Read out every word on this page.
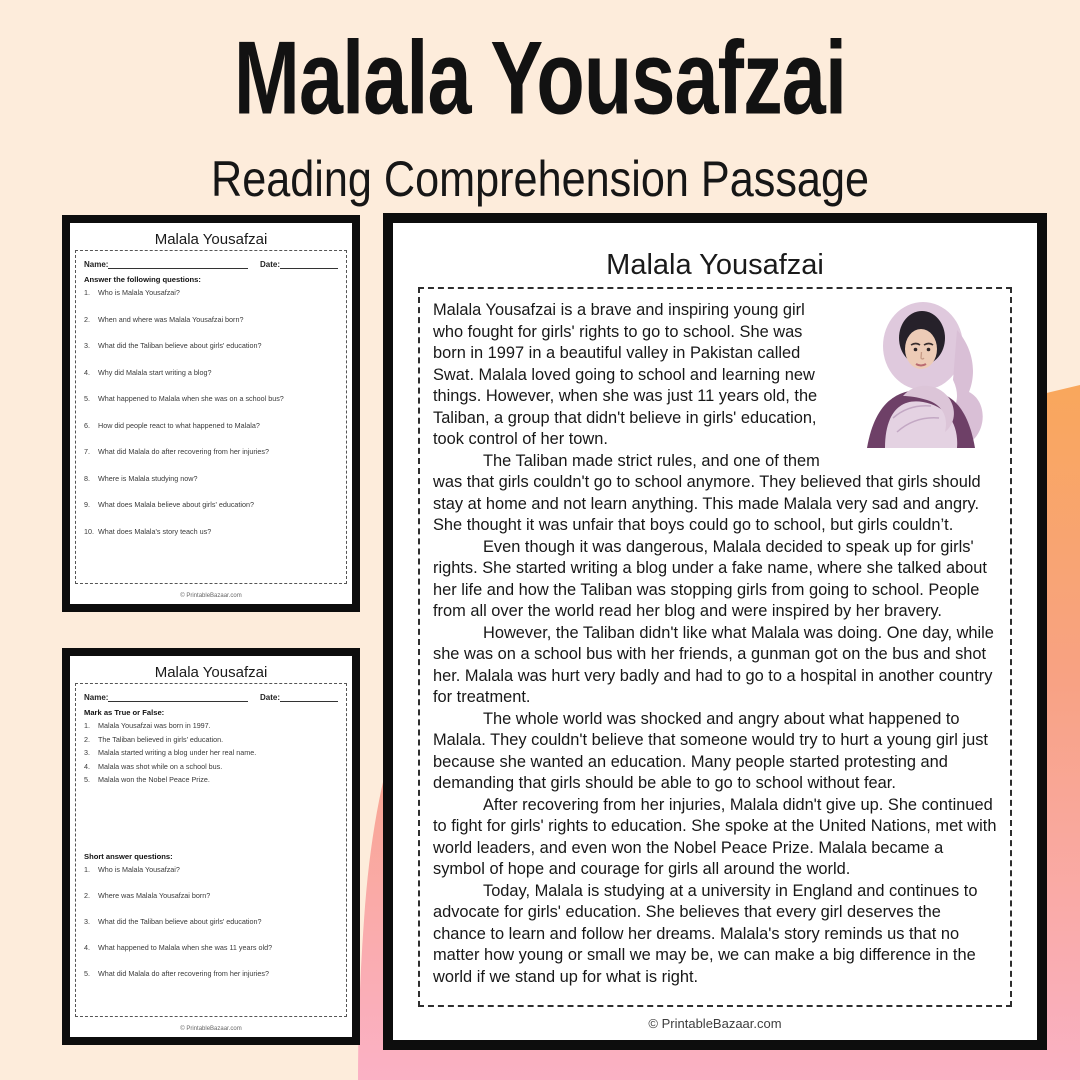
Malala Yousafzai
Reading Comprehension Passage
Malala Yousafzai
Name:	Date:
Answer the following questions:
1.	Who is Malala Yousafzai?
2.	When and where was Malala Yousafzai born?
3.	What did the Taliban believe about girls' education?
4.	Why did Malala start writing a blog?
5.	What happened to Malala when she was on a school bus?
6.	How did people react to what happened to Malala?
7.	What did Malala do after recovering from her injuries?
8.	Where is Malala studying now?
9.	What does Malala believe about girls' education?
10. What does Malala's story teach us?
© PrintableBazaar.com
Malala Yousafzai
Name:	Date:
Mark as True or False:
1.	Malala Yousafzai was born in 1997.
2.	The Taliban believed in girls' education.
3.	Malala started writing a blog under her real name.
4.	Malala was shot while on a school bus.
5.	Malala won the Nobel Peace Prize.
Short answer questions:
1.	Who is Malala Yousafzai?
2.	Where was Malala Yousafzai born?
3.	What did the Taliban believe about girls' education?
4.	What happened to Malala when she was 11 years old?
5.	What did Malala do after recovering from her injuries?
© PrintableBazaar.com
Malala Yousafzai

Malala Yousafzai is a brave and inspiring young girl who fought for girls' rights to go to school. She was born in 1997 in a beautiful valley in Pakistan called Swat. Malala loved going to school and learning new things. However, when she was just 11 years old, the Taliban, a group that didn't believe in girls' education, took control of her town.

The Taliban made strict rules, and one of them was that girls couldn't go to school anymore. They believed that girls should stay at home and not learn anything. This made Malala very sad and angry. She thought it was unfair that boys could go to school, but girls couldn’t.

Even though it was dangerous, Malala decided to speak up for girls' rights. She started writing a blog under a fake name, where she talked about her life and how the Taliban was stopping girls from going to school. People from all over the world read her blog and were inspired by her bravery.

However, the Taliban didn't like what Malala was doing. One day, while she was on a school bus with her friends, a gunman got on the bus and shot her. Malala was hurt very badly and had to go to a hospital in another country for treatment.

The whole world was shocked and angry about what happened to Malala. They couldn't believe that someone would try to hurt a young girl just because she wanted an education. Many people started protesting and demanding that girls should be able to go to school without fear.

After recovering from her injuries, Malala didn't give up. She continued to fight for girls' rights to education. She spoke at the United Nations, met with world leaders, and even won the Nobel Peace Prize. Malala became a symbol of hope and courage for girls all around the world.

Today, Malala is studying at a university in England and continues to advocate for girls' education. She believes that every girl deserves the chance to learn and follow her dreams. Malala's story reminds us that no matter how young or small we may be, we can make a big difference in the world if we stand up for what is right.

© PrintableBazaar.com
